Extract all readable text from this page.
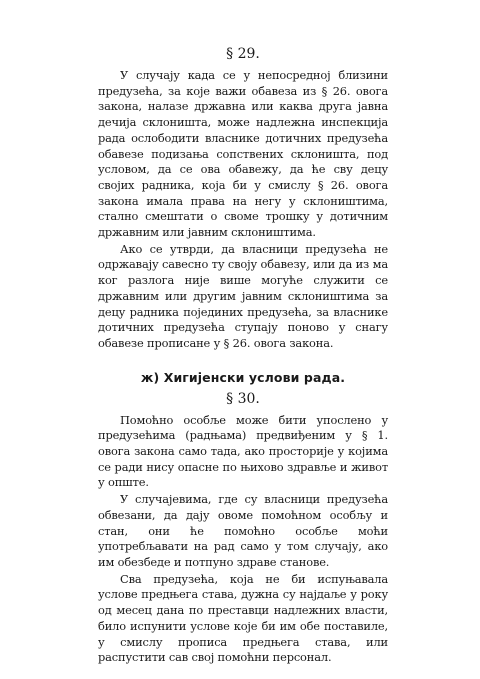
§ 29.

У случају када се у непосредној близини предузећа, за које важи обавеза из § 26. овога закона, налазе државна или каква друга јавна дечија склоништа, може надлежна инспекција рада ослободити власнике дотичних предузећа обавезе подизања сопствених склоништа, под условом, да се ова обавежу, да ће сву децу својих радника, која би у смислу § 26. овога закона имала права на негу у склоништима, стално смештати о своме трошку у дотичним државним или јавним склоништима.

Ако се утврди, да власници предузећа не одржавају савесно ту своју обавезу, или да из ма ког разлога није више могуће служити се државним или другим јавним склоништима за децу радника појединих предузећа, за власнике дотичних предузећа ступају поново у снагу обавезе прописане у § 26. овога закона.

ж) Хигијенски услови рада.
§ 30.

Помоћно особље може бити упослено у предузећима (радњама) предвиђеним у § 1. овога закона само тада, ако просторије у којима се ради нису опасне по њихово здравље и живот у опште.

У случајевима, где су власници предузећа обвезани, да дају овоме помоћном особљу и стан, они ће помоћно особље моћи употребљавати на рад само у том случају, ако им обезбеде и потпуно здраве станове.

Сва предузећа, која не би испуњавала услове предњега става, дужна су најдаље у року од месец дана по преставци надлежних власти, било испунити услове које би им обе поставиле, у смислу прописа предњега става, или распустити сав свој помоћни персонал.
